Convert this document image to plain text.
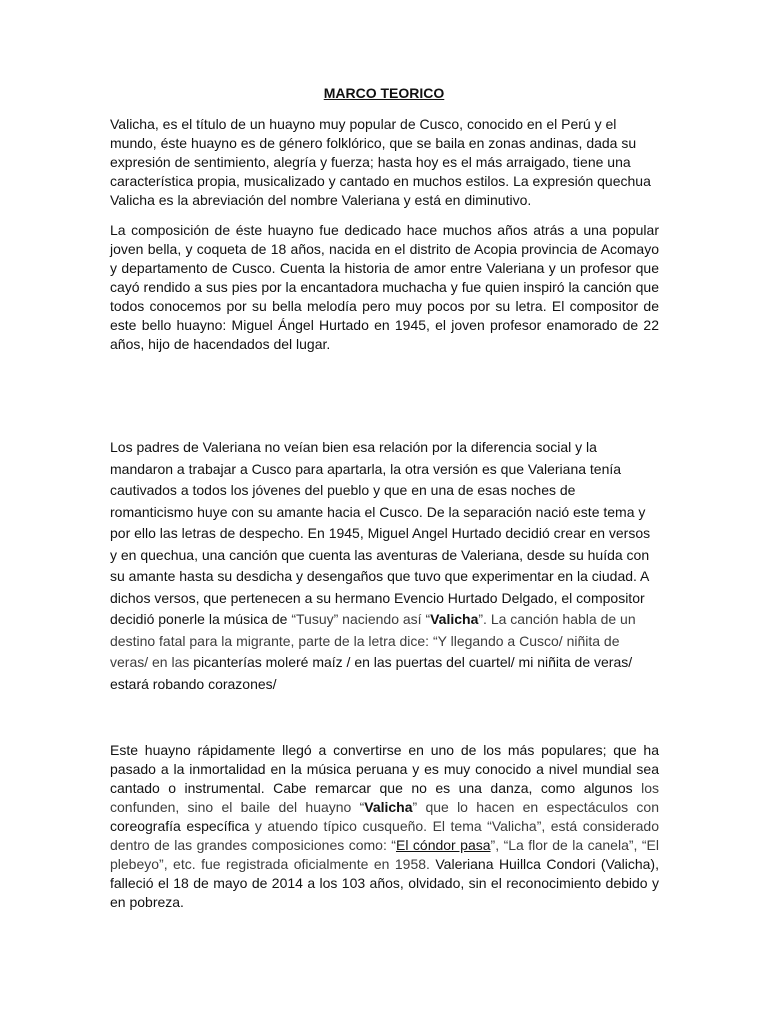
MARCO TEORICO

Valicha, es el título de un huayno muy popular de Cusco, conocido en el Perú y el mundo, éste huayno es de género folklórico, que se baila en zonas andinas, dada su expresión de sentimiento, alegría y fuerza; hasta hoy es el más arraigado, tiene una característica propia, musicalizado y cantado en muchos estilos. La expresión quechua Valicha es la abreviación del nombre Valeriana y está en diminutivo.

La composición de éste huayno fue dedicado hace muchos años atrás a una popular joven bella, y coqueta de 18 años, nacida en el distrito de Acopia provincia de Acomayo y departamento de Cusco. Cuenta la historia de amor entre Valeriana y un profesor que cayó rendido a sus pies por la encantadora muchacha y fue quien inspiró la canción que todos conocemos por su bella melodía pero muy pocos por su letra. El compositor de este bello huayno: Miguel Ángel Hurtado en 1945, el joven profesor enamorado de 22 años, hijo de hacendados del lugar.

Los padres de Valeriana no veían bien esa relación por la diferencia social y la mandaron a trabajar a Cusco para apartarla, la otra versión es que Valeriana tenía cautivados a todos los jóvenes del pueblo y que en una de esas noches de romanticismo huye con su amante hacia el Cusco. De la separación nació este tema y por ello las letras de despecho. En 1945, Miguel Angel Hurtado decidió crear en versos y en quechua, una canción que cuenta las aventuras de Valeriana, desde su huída con su amante hasta su desdicha y desengaños que tuvo que experimentar en la ciudad. A dichos versos, que pertenecen a su hermano Evencio Hurtado Delgado, el compositor decidió ponerle la música de “Tusuy” naciendo así “Valicha”. La canción habla de un destino fatal para la migrante, parte de la letra dice: “Y llegando a Cusco/ niñita de veras/ en las picanterías moleré maíz / en las puertas del cuartel/ mi niñita de veras/ estará robando corazones/

Este huayno rápidamente llegó a convertirse en uno de los más populares; que ha pasado a la inmortalidad en la música peruana y es muy conocido a nivel mundial sea cantado o instrumental. Cabe remarcar que no es una danza, como algunos los confunden, sino el baile del huayno “Valicha” que lo hacen en espectáculos con coreografía específica y atuendo típico cusqueño. El tema “Valicha”, está considerado dentro de las grandes composiciones como: “El cóndor pasa”, “La flor de la canela”, “El plebeyo”, etc. fue registrada oficialmente en 1958. Valeriana Huillca Condori (Valicha), falleció el 18 de mayo de 2014 a los 103 años, olvidado, sin el reconocimiento debido y en pobreza.
